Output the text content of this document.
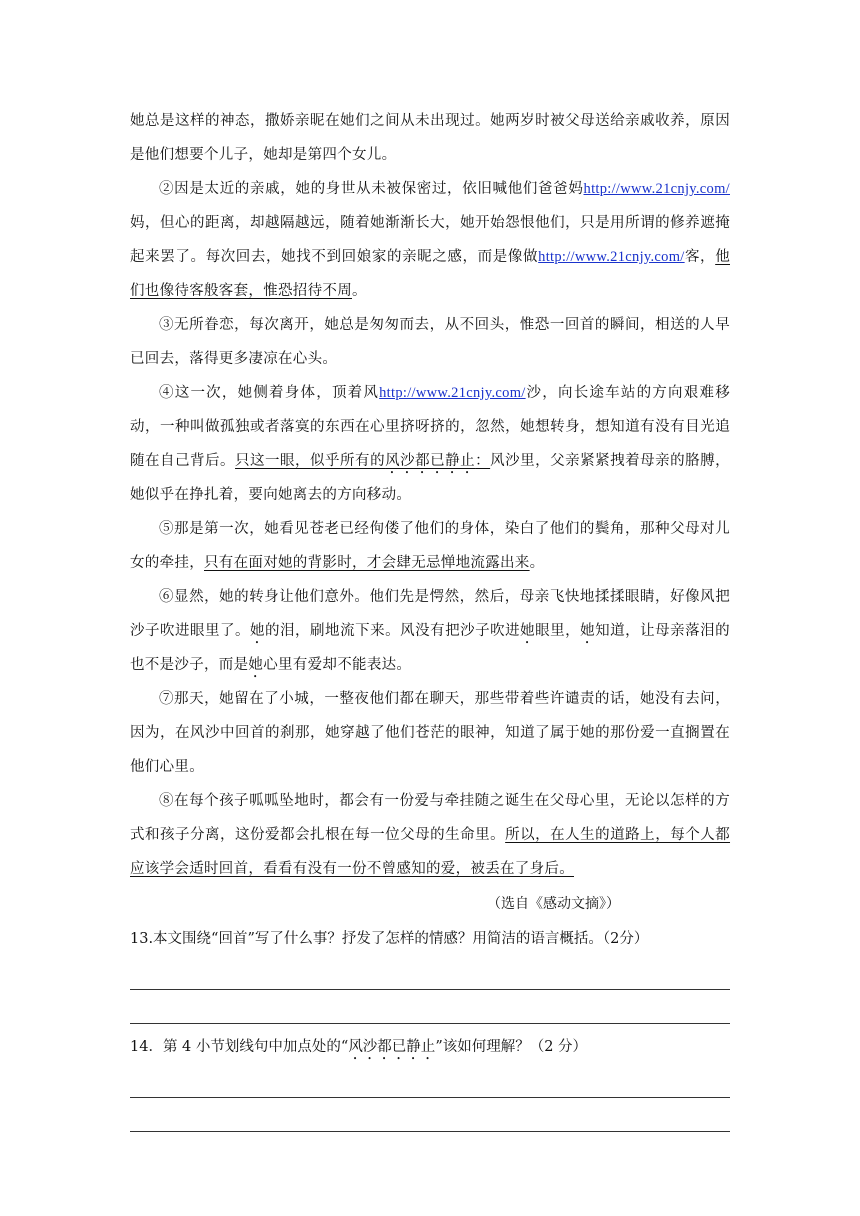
她总是这样的神态，撒娇亲昵在她们之间从未出现过。她两岁时被父母送给亲戚收养，原因是他们想要个儿子，她却是第四个女儿。

②因是太近的亲戚，她的身世从未被保密过，依旧喊他们爸爸妈http://www.21cnjy.com/妈，但心的距离，却越隔越远，随着她渐渐长大，她开始怨恨他们，只是用所谓的修养遮掩起来罢了。每次回去，她找不到回娘家的亲昵之感，而是像做http://www.21cnjy.com/客，他们也像待客般客套，惟恐招待不周。

③无所眷恋，每次离开，她总是匆匆而去，从不回头，惟恐一回首的瞬间，相送的人早已回去，落得更多凄凉在心头。

④这一次，她侧着身体，顶着风http://www.21cnjy.com/沙，向长途车站的方向艰难移动，一种叫做孤独或者落寞的东西在心里挤呀挤的，忽然，她想转身，想知道有没有目光追随在自己背后。只这一眼，似乎所有的风沙都已静止：风沙里，父亲紧紧拽着母亲的胳膊，她似乎在挣扎着，要向她离去的方向移动。

⑤那是第一次，她看见苍老已经佝偻了他们的身体，染白了他们的鬓角，那种父母对儿女的牵挂，只有在面对她的背影时，才会肆无忌惮地流露出来。

⑥显然，她的转身让他们意外。他们先是愕然，然后，母亲飞快地揉揉眼睛，好像风把沙子吹进眼里了。她的泪，刷地流下来。风没有把沙子吹进她眼里，她知道，让母亲落泪的也不是沙子，而是她心里有爱却不能表达。

⑦那天，她留在了小城，一整夜他们都在聊天，那些带着些许谴责的话，她没有去问，因为，在风沙中回首的刹那，她穿越了他们苍茫的眼神，知道了属于她的那份爱一直搁置在他们心里。

⑧在每个孩子呱呱坠地时，都会有一份爱与牵挂随之诞生在父母心里，无论以怎样的方式和孩子分离，这份爱都会扎根在每一位父母的生命里。所以，在人生的道路上，每个人都应该学会适时回首，看看有没有一份不曾感知的爱，被丢在了身后。

（选自《感动文摘》）

13.本文围绕“回首”写了什么事？抒发了怎样的情感？用简洁的语言概括。（2分）

14．第 4 小节划线句中加点处的“风沙都已静止”该如何理解？（2 分）
